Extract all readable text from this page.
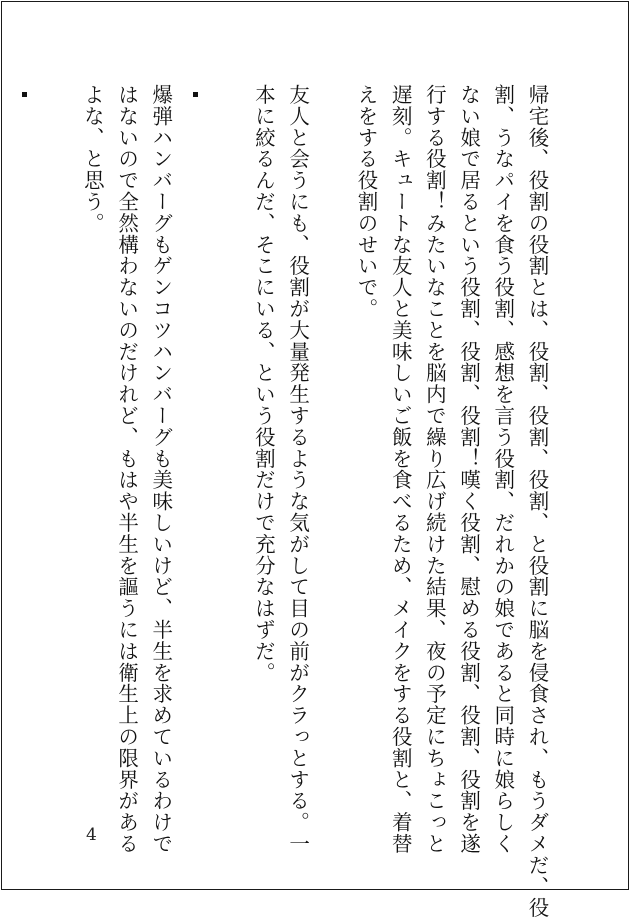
帰宅後、役割の役割とは、役割、役割、役割、と役割に脳を侵食され、もうダメだ、役

割、うなパイを食う役割、感想を言う役割、だれかの娘であると同時に娘らしく

ない娘で居るという役割、役割、役割！嘆く役割、慰める役割、役割、役割を遂

行する役割！みたいなことを脳内で繰り広げ続けた結果、夜の予定にちょこっと

遅刻。キュートな友人と美味しいご飯を食べるため、メイクをする役割と、着替

えをする役割のせいで。

友人と会うにも、役割が大量発生するような気がして目の前がクラっとする。一

本に絞るんだ、そこにいる、という役割だけで充分なはずだ。

爆弾ハンバーグもゲンコツハンバーグも美味しいけど、半生を求めているわけで

はないので全然構わないのだけれど、もはや半生を謳うには衛生上の限界がある

よな、と思う。

4
